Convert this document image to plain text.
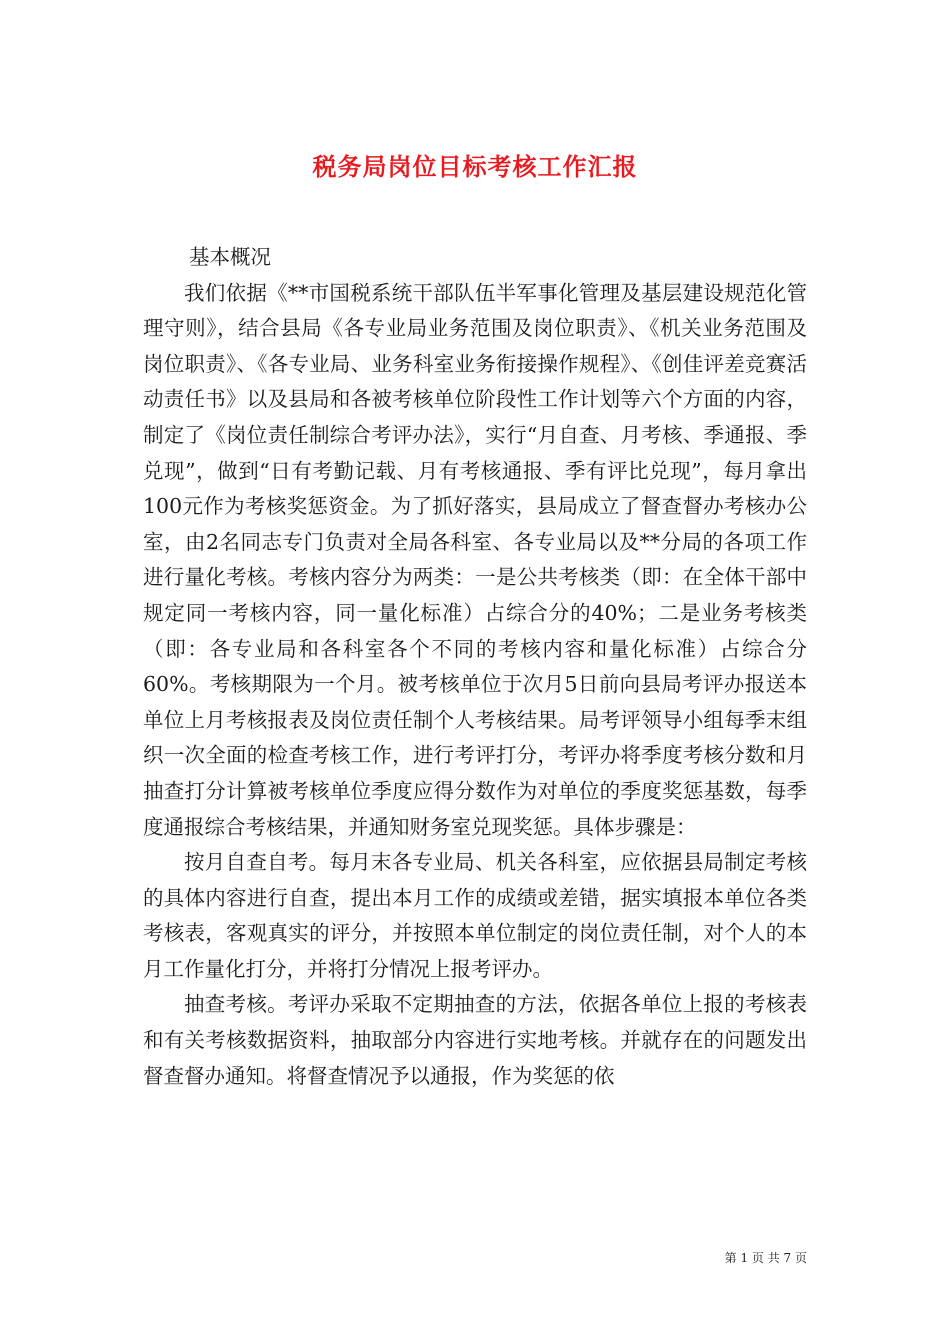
税务局岗位目标考核工作汇报

基本概况

我们依据《**市国税系统干部队伍半军事化管理及基层建设规范化管理守则》，结合县局《各专业局业务范围及岗位职责》、《机关业务范围及岗位职责》、《各专业局、业务科室业务衔接操作规程》、《创佳评差竞赛活动责任书》以及县局和各被考核单位阶段性工作计划等六个方面的内容，制定了《岗位责任制综合考评办法》，实行“月自查、月考核、季通报、季兑现”，做到“日有考勤记载、月有考核通报、季有评比兑现”，每月拿出100元作为考核奖惩资金。为了抓好落实，县局成立了督查督办考核办公室，由2名同志专门负责对全局各科室、各专业局以及**分局的各项工作进行量化考核。考核内容分为两类：一是公共考核类（即：在全体干部中规定同一考核内容，同一量化标准）占综合分的40%；二是业务考核类（即：各专业局和各科室各个不同的考核内容和量化标准）占综合分60%。考核期限为一个月。被考核单位于次月5日前向县局考评办报送本单位上月考核报表及岗位责任制个人考核结果。局考评领导小组每季末组织一次全面的检查考核工作，进行考评打分，考评办将季度考核分数和月抽查打分计算被考核单位季度应得分数作为对单位的季度奖惩基数，每季度通报综合考核结果，并通知财务室兑现奖惩。具体步骤是：

按月自查自考。每月末各专业局、机关各科室，应依据县局制定考核的具体内容进行自查，提出本月工作的成绩或差错，据实填报本单位各类考核表，客观真实的评分，并按照本单位制定的岗位责任制，对个人的本月工作量化打分，并将打分情况上报考评办。

抽查考核。考评办采取不定期抽查的方法，依据各单位上报的考核表和有关考核数据资料，抽取部分内容进行实地考核。并就存在的问题发出督查督办通知。将督查情况予以通报，作为奖惩的依

第 1 页 共 7 页
